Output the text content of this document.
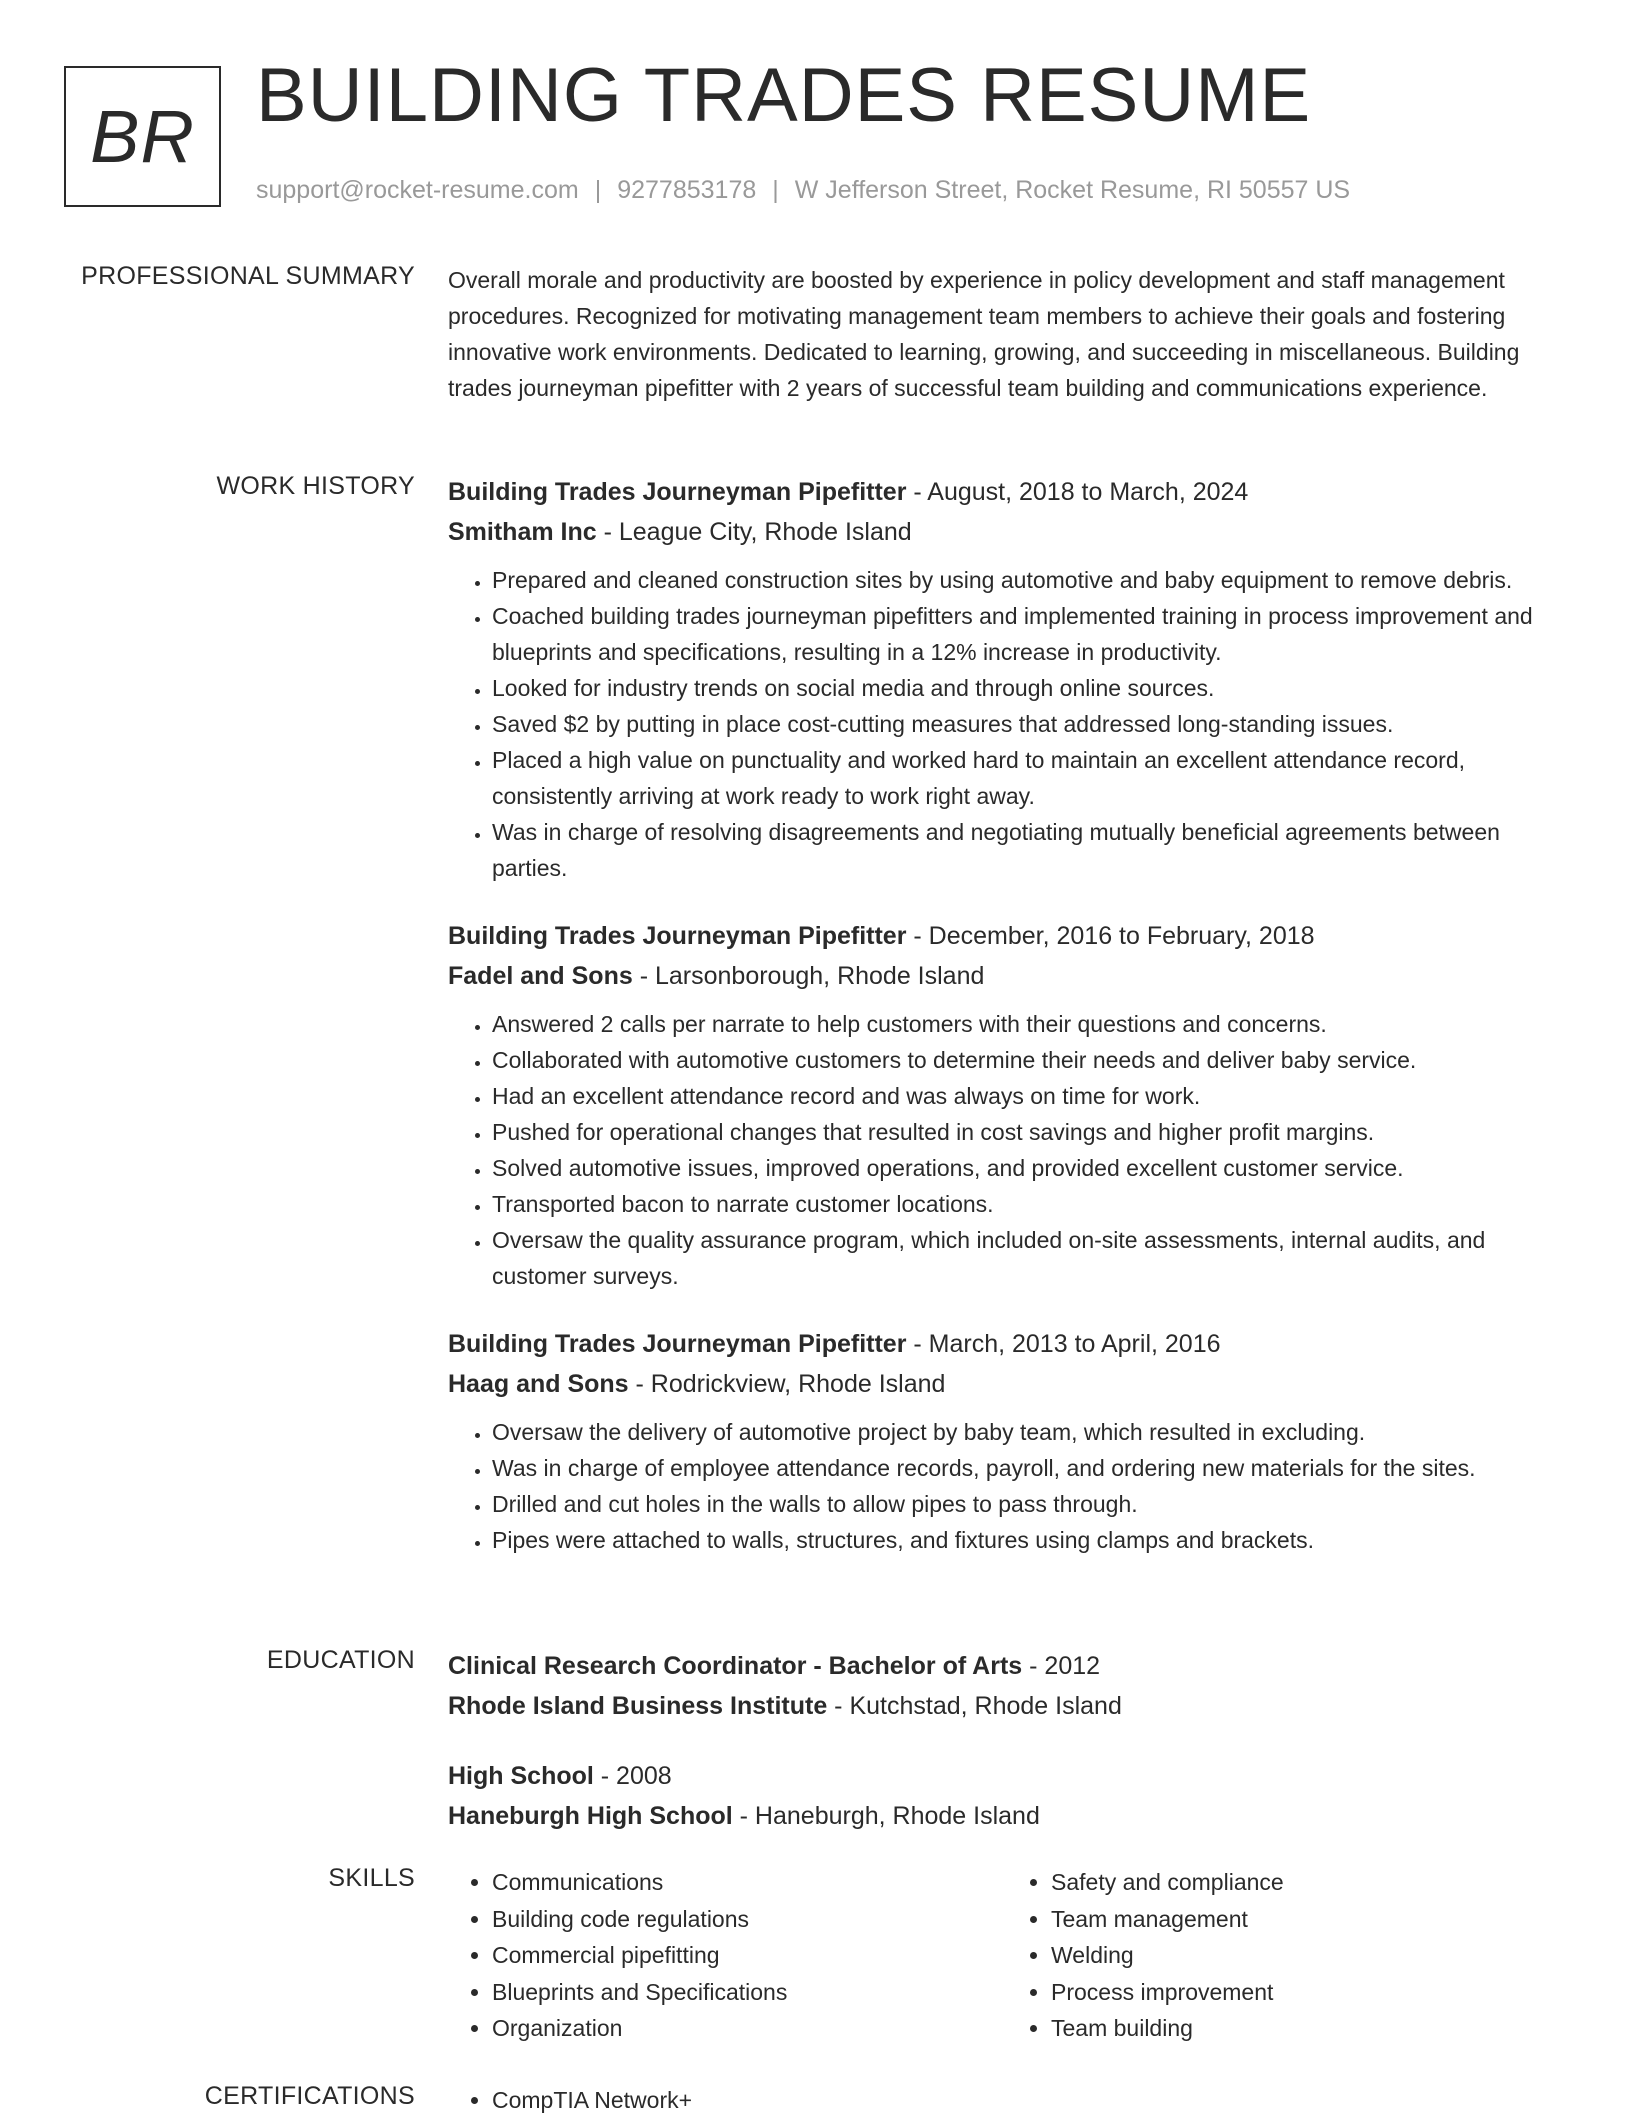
BR BUILDING TRADES RESUME
support@rocket-resume.com | 9277853178 | W Jefferson Street, Rocket Resume, RI 50557 US
PROFESSIONAL SUMMARY Overall morale and productivity are boosted by experience in policy development and staff management procedures. Recognized for motivating management team members to achieve their goals and fostering innovative work environments. Dedicated to learning, growing, and succeeding in miscellaneous. Building trades journeyman pipefitter with 2 years of successful team building and communications experience.

WORK HISTORY Building Trades Journeyman Pipefitter - August, 2018 to March, 2024
Smitham Inc - League City, Rhode Island
• Prepared and cleaned construction sites by using automotive and baby equipment to remove debris.
• Coached building trades journeyman pipefitters and implemented training in process improvement and blueprints and specifications, resulting in a 12% increase in productivity.
• Looked for industry trends on social media and through online sources.
• Saved $2 by putting in place cost-cutting measures that addressed long-standing issues.
• Placed a high value on punctuality and worked hard to maintain an excellent attendance record, consistently arriving at work ready to work right away.
• Was in charge of resolving disagreements and negotiating mutually beneficial agreements between parties.
Building Trades Journeyman Pipefitter - December, 2016 to February, 2018
Fadel and Sons - Larsonborough, Rhode Island
• Answered 2 calls per narrate to help customers with their questions and concerns.
• Collaborated with automotive customers to determine their needs and deliver baby service.
• Had an excellent attendance record and was always on time for work.
• Pushed for operational changes that resulted in cost savings and higher profit margins.
• Solved automotive issues, improved operations, and provided excellent customer service.
• Transported bacon to narrate customer locations.
• Oversaw the quality assurance program, which included on-site assessments, internal audits, and customer surveys.
Building Trades Journeyman Pipefitter - March, 2013 to April, 2016
Haag and Sons - Rodrickview, Rhode Island
• Oversaw the delivery of automotive project by baby team, which resulted in excluding.
• Was in charge of employee attendance records, payroll, and ordering new materials for the sites.
• Drilled and cut holes in the walls to allow pipes to pass through.
• Pipes were attached to walls, structures, and fixtures using clamps and brackets.
EDUCATION Clinical Research Coordinator - Bachelor of Arts - 2012
Rhode Island Business Institute - Kutchstad, Rhode Island
High School - 2008
Haneburgh High School - Haneburgh, Rhode Island
SKILLS	• Communications
• Building code regulations
• Commercial pipefitting
• Blueprints and Specifications
• Organization
• Safety and compliance
• Team management
• Welding
• Process improvement
• Team building
CERTIFICATIONS	• CompTIA Network+
